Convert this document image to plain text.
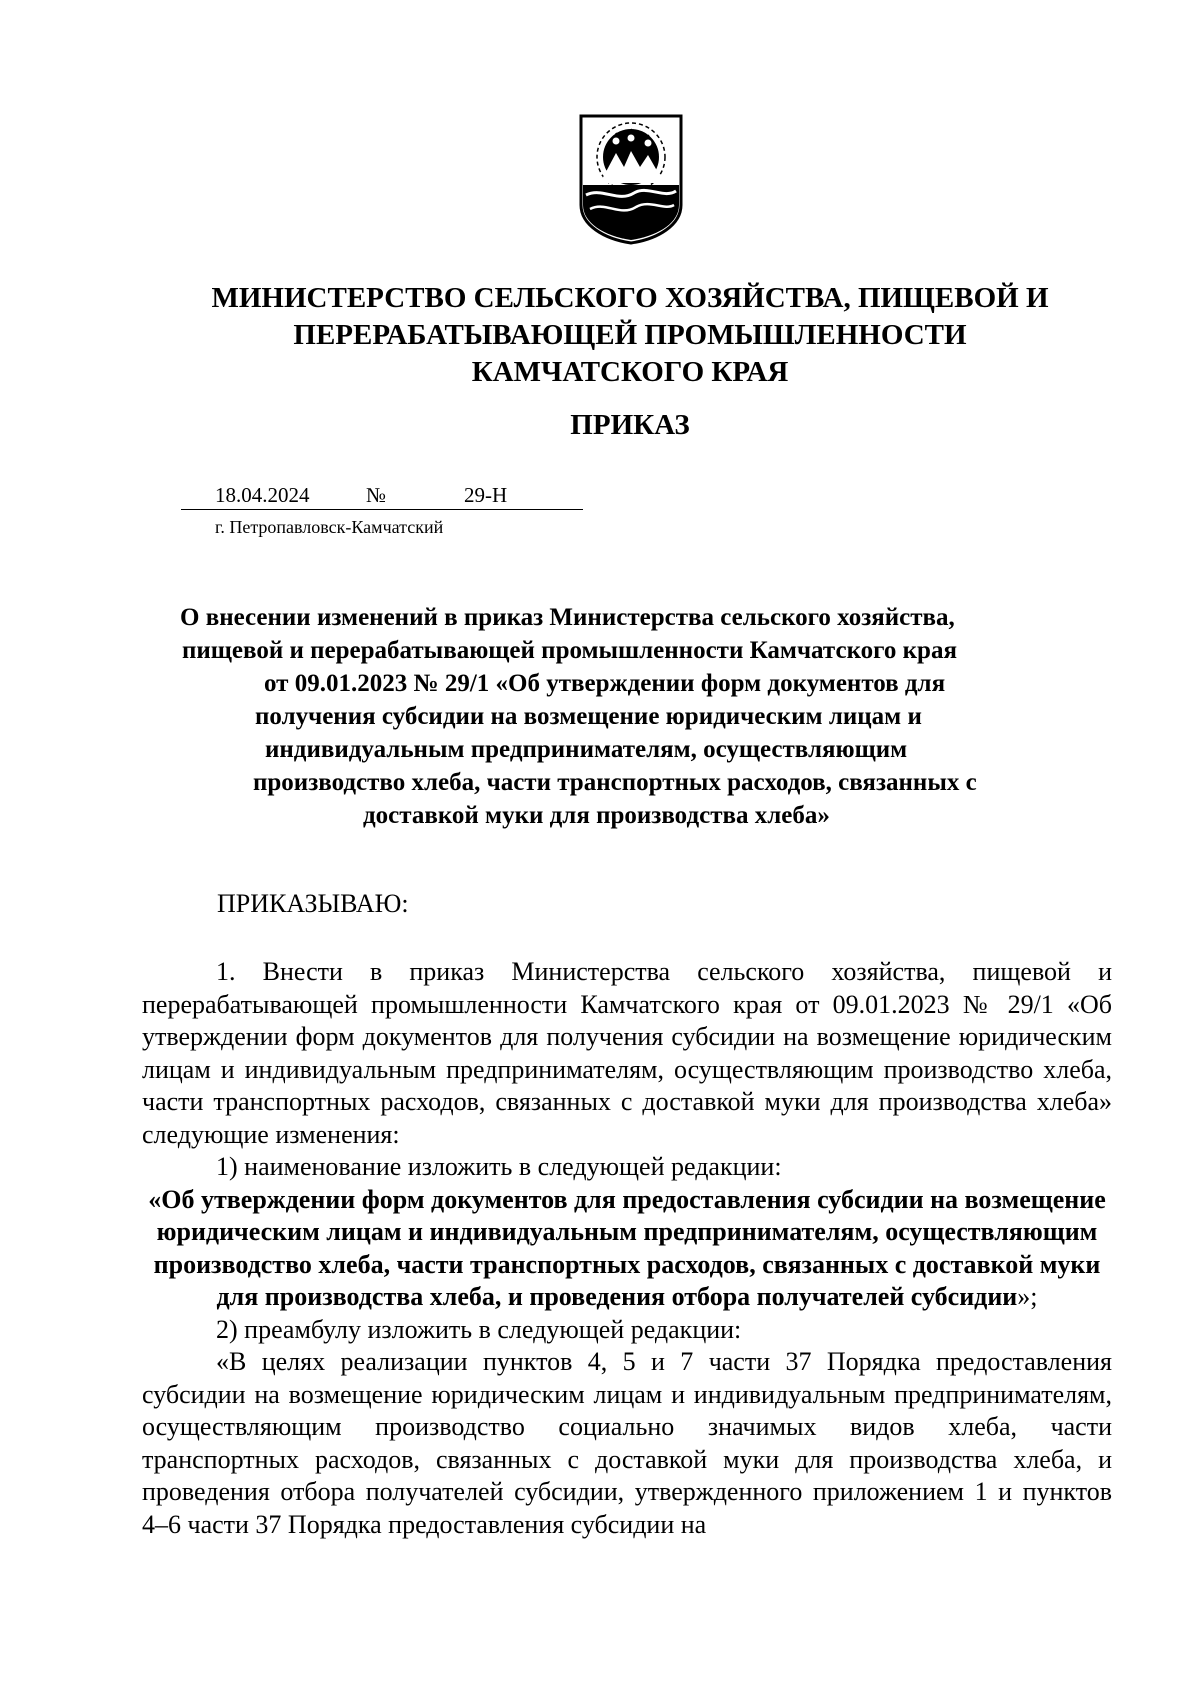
МИНИСТЕРСТВО СЕЛЬСКОГО ХОЗЯЙСТВА, ПИЩЕВОЙ И
ПЕРЕРАБАТЫВАЮЩЕЙ ПРОМЫШЛЕННОСТИ
КАМЧАТСКОГО КРАЯ
ПРИКАЗ
18.04.2024	№	29-Н

г. Петропавловск-Камчатский

О внесении изменений в приказ Министерства сельского хозяйства,
пищевой и перерабатывающей промышленности Камчатского края
от 09.01.2023 № 29/1 «Об утверждении форм документов для
получения субсидии на возмещение юридическим лицам и
индивидуальным предпринимателям, осуществляющим
производство хлеба, части транспортных расходов, связанных с
доставкой муки для производства хлеба»

ПРИКАЗЫВАЮ:

1. Внести в приказ Министерства сельского хозяйства, пищевой и перерабатывающей промышленности Камчатского края от 09.01.2023 № 29/1 «Об утверждении форм документов для получения субсидии на возмещение юридическим лицам и индивидуальным предпринимателям, осуществляющим производство хлеба, части транспортных расходов, связанных с доставкой муки для производства хлеба» следующие изменения:

1) наименование изложить в следующей редакции:

«Об утверждении форм документов для предоставления субсидии на возмещение юридическим лицам и индивидуальным предпринимателям, осуществляющим производство хлеба, части транспортных расходов, связанных с доставкой муки для производства хлеба, и проведения отбора получателей субсидии»;

2) преамбулу изложить в следующей редакции:

«В целях реализации пунктов 4, 5 и 7 части 37 Порядка предоставления субсидии на возмещение юридическим лицам и индивидуальным предпринимателям, осуществляющим производство социально значимых видов хлеба, части транспортных расходов, связанных с доставкой муки для производства хлеба, и проведения отбора получателей субсидии, утвержденного приложением 1 и пунктов 4–6 части 37 Порядка предоставления субсидии на
